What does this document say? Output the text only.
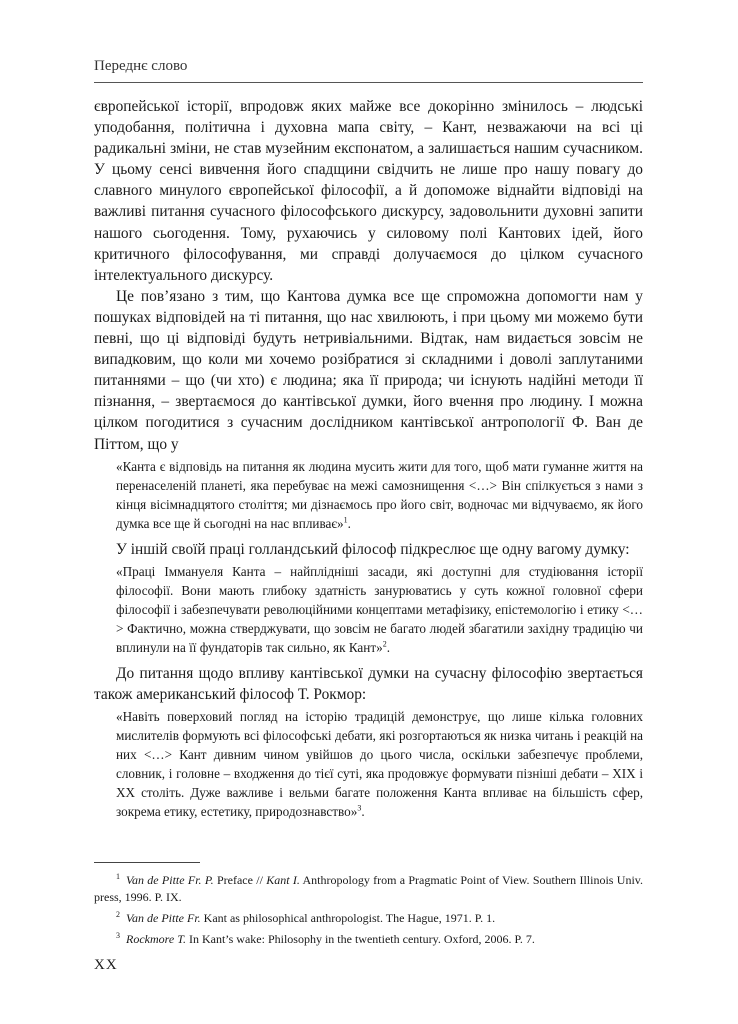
Переднє слово

європейської історії, впродовж яких майже все докорінно змінилось – людські уподобання, політична і духовна мапа світу, – Кант, незважаючи на всі ці радикальні зміни, не став музейним експонатом, а залишається нашим сучасником. У цьому сенсі вивчення його спадщини свідчить не лише про нашу повагу до славного минулого європейської філософії, а й допоможе віднайти відповіді на важливі питання сучасного філософського дискурсу, задовольнити духовні запити нашого сьогодення. Тому, рухаючись у силовому полі Кантових ідей, його критичного філософування, ми справді долучаємося до цілком сучасного інтелектуального дискурсу.

Це пов’язано з тим, що Кантова думка все ще спроможна допомогти нам у пошуках відповідей на ті питання, що нас хвилюють, і при цьому ми можемо бути певні, що ці відповіді будуть нетривіальними. Відтак, нам видається зовсім не випадковим, що коли ми хочемо розібратися зі складними і доволі заплутаними питаннями – що (чи хто) є людина; яка її природа; чи існують надійні методи її пізнання, – звертаємося до кантівської думки, його вчення про людину. І можна цілком погодитися з сучасним дослідником кантівської антропології Ф. Ван де Піттом, що у

«Канта є відповідь на питання як людина мусить жити для того, щоб мати гуманне життя на перенаселеній планеті, яка перебуває на межі самознищення <…> Він спілкується з нами з кінця вісімнадцятого століття; ми дізнаємось про його світ, водночас ми відчуваємо, як його думка все ще й сьогодні на нас впливає»$^1$.

У іншій своїй праці голландський філософ підкреслює ще одну вагому думку:

«Праці Іммануеля Канта – найплідніші засади, які доступні для студіювання історії філософії. Вони мають глибоку здатність занурюватись у суть кожної головної сфери філософії і забезпечувати революційними концептами метафізику, епістемологію і етику <…> Фактично, можна стверджувати, що зовсім не багато людей збагатили західну традицію чи вплинули на її фундаторів так сильно, як Кант»$^2$.

До питання щодо впливу кантівської думки на сучасну філософію звертається також американський філософ Т. Рокмор:

«Навіть поверховий погляд на історію традицій демонструє, що лише кілька головних мислителів формують всі філософські дебати, які розгортаються як низка читань і реакцій на них <…> Кант дивним чином увійшов до цього числа, оскільки забезпечує проблеми, словник, і головне – входження до тієї суті, яка продовжує формувати пізніші дебати – XIX і XX століть. Дуже важливе і вельми багате положення Канта впливає на більшість сфер, зокрема етику, естетику, природознавство»$^3$.

$^1$ Van de Pitte Fr. P. Preface // Kant I. Anthropology from a Pragmatic Point of View. Southern Illinois Univ. press, 1996. P. IX.

$^2$ Van de Pitte Fr. Kant as philosophical anthropologist. The Hague, 1971. P. 1.

$^3$ Rockmore T. In Kant’s wake: Philosophy in the twentieth century. Oxford, 2006. P. 7.

XX
